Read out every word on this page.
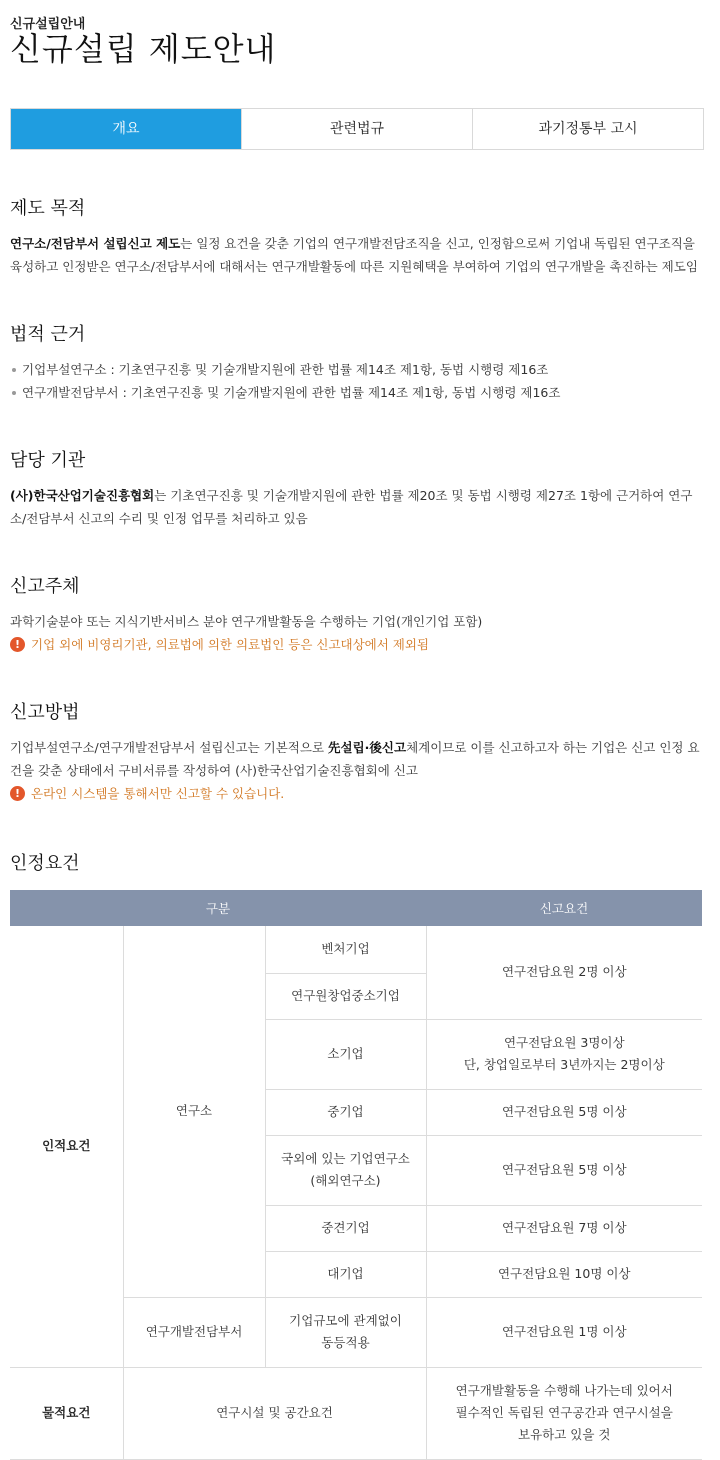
신규설립안내
신규설립 제도안내
개요	관련법규	과기정통부 고시
제도 목적

연구소/전담부서 설립신고 제도는 일정 요건을 갖춘 기업의 연구개발전담조직을 신고, 인정함으로써 기업내 독립된 연구조직을 육성하고 인정받은 연구소/전담부서에 대해서는 연구개발활동에 따른 지원혜택을 부여하여 기업의 연구개발을 촉진하는 제도임

법적 근거
기업부설연구소 : 기초연구진흥 및 기술개발지원에 관한 법률 제14조 제1항, 동법 시행령 제16조
연구개발전담부서 : 기초연구진흥 및 기술개발지원에 관한 법률 제14조 제1항, 동법 시행령 제16조
담당 기관

(사)한국산업기술진흥협회는 기초연구진흥 및 기술개발지원에 관한 법률 제20조 및 동법 시행령 제27조 1항에 근거하여 연구소/전담부서 신고의 수리 및 인정 업무를 처리하고 있음

신고주체

과학기술분야 또는 지식기반서비스 분야 연구개발활동을 수행하는 기업(개인기업 포함)

! 기업 외에 비영리기관, 의료법에 의한 의료법인 등은 신고대상에서 제외됨
신고방법

기업부설연구소/연구개발전담부서 설립신고는 기본적으로 先설립·後신고체계이므로 이를 신고하고자 하는 기업은 신고 인정 요건을 갖춘 상태에서 구비서류를 작성하여 (사)한국산업기술진흥협회에 신고

! 온라인 시스템을 통해서만 신고할 수 있습니다.
인정요건
구분			신고요건
인적요건	연구소	벤처기업	연구전담요원 2명 이상
		연구원창업중소기업	
		소기업	연구전담요원 3명이상
단, 창업일로부터 3년까지는 2명이상

		중기업	연구전담요원 5명 이상

		국외에 있는 기업연구소
(해외연구소)	연구전담요원 5명 이상
		중견기업	연구전담요원 7명 이상
		대기업	연구전담요원 10명 이상

	연구개발전담부서	기업규모에 관계없이
동등적용	연구전담요원 1명 이상
물적요건	연구시설 및 공간요건		연구개발활동을 수행해 나가는데 있어서
필수적인 독립된 연구공간과 연구시설을
보유하고 있을 것
